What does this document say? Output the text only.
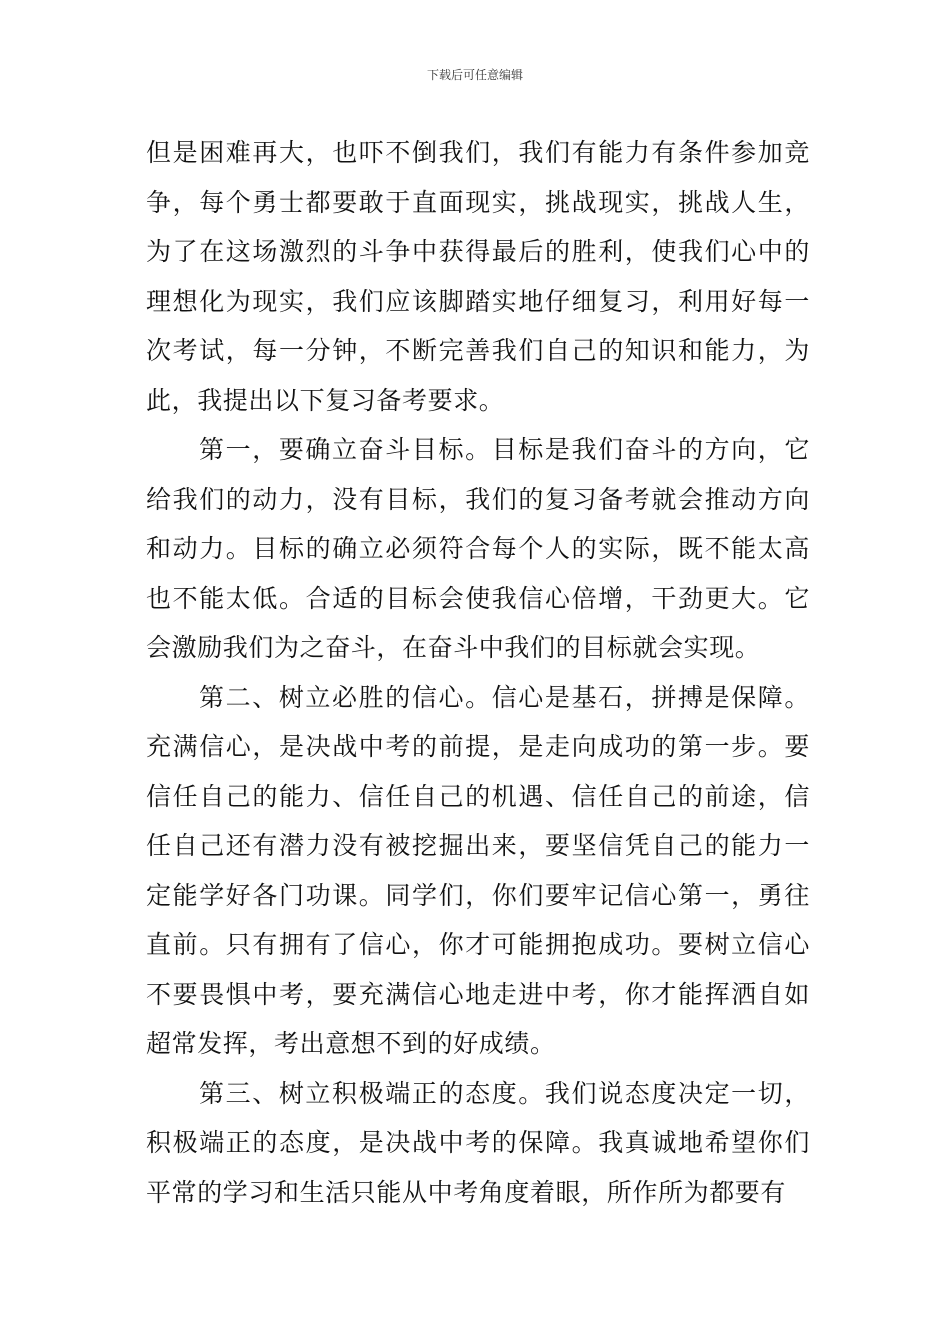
下载后可任意编辑

但是困难再大，也吓不倒我们，我们有能力有条件参加竞争，每个勇士都要敢于直面现实，挑战现实，挑战人生，为了在这场激烈的斗争中获得最后的胜利，使我们心中的理想化为现实，我们应该脚踏实地仔细复习，利用好每一次考试，每一分钟，不断完善我们自己的知识和能力，为此，我提出以下复习备考要求。

第一，要确立奋斗目标。目标是我们奋斗的方向，它给我们的动力，没有目标，我们的复习备考就会推动方向和动力。目标的确立必须符合每个人的实际，既不能太高也不能太低。合适的目标会使我信心倍增，干劲更大。它会激励我们为之奋斗，在奋斗中我们的目标就会实现。

第二、树立必胜的信心。信心是基石，拼搏是保障。充满信心，是决战中考的前提，是走向成功的第一步。要信任自己的能力、信任自己的机遇、信任自己的前途，信任自己还有潜力没有被挖掘出来，要坚信凭自己的能力一定能学好各门功课。同学们，你们要牢记信心第一，勇往直前。只有拥有了信心，你才可能拥抱成功。要树立信心不要畏惧中考，要充满信心地走进中考，你才能挥洒自如超常发挥，考出意想不到的好成绩。

第三、树立积极端正的态度。我们说态度决定一切，积极端正的态度，是决战中考的保障。我真诚地希望你们平常的学习和生活只能从中考角度着眼，所作所为都要有
